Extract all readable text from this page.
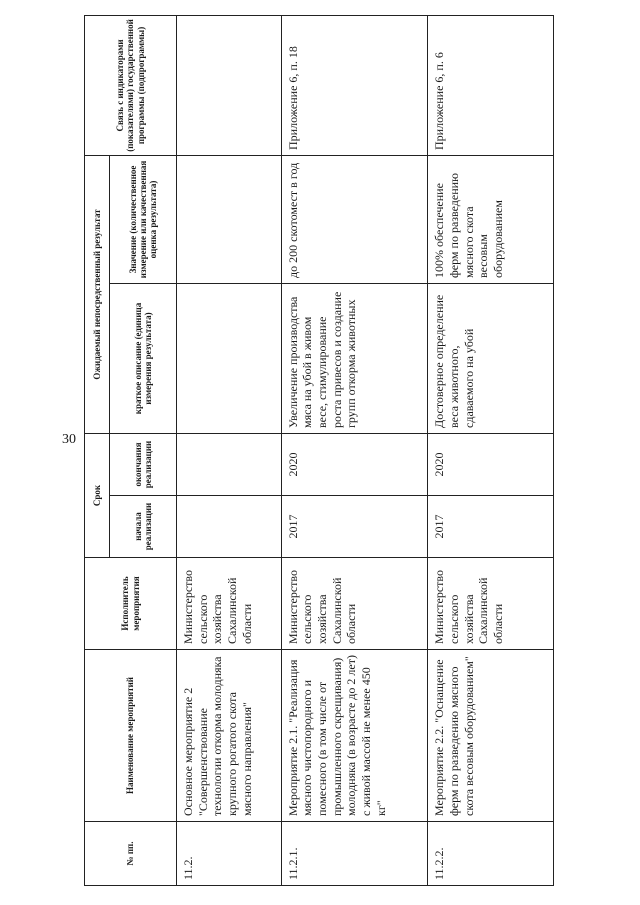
30
№ пп.	Наименование мероприятий	Исполнитель мероприятия	Срок		Ожидаемый непосредственный результат		Связь с индикаторами (показателями) государственной программы (подпрограммы)
			начала реализации	окончания реализации	краткое описание (единица измерения результата)	Значение (количественное измерение или качественная оценка результата)	
11.2.	Основное мероприятие 2 "Совершенствование технологии откорма молодняка крупного рогатого скота мясного направления"	Министерство сельского хозяйства Сахалинской области					
11.2.1.	Мероприятие 2.1. "Реализация мясного чистопородного и помесного (в том числе от промышленного скрещивания) молодняка (в возрасте до 2 лет) с живой массой не менее 450 кг"	Министерство сельского хозяйства Сахалинской области	2017	2020	Увеличение производства мяса на убой в живом весе, стимулирование роста привесов и создание групп откорма животных	до 200 скотомест в год	Приложение 6, п. 18
11.2.2.	Мероприятие 2.2. "Оснащение ферм по разведению мясного скота весовым оборудованием"	Министерство сельского хозяйства Сахалинской области	2017	2020	Достоверное определение веса животного, сдаваемого на убой	100% обеспечение ферм по разведению мясного скота весовым оборудованием	Приложение 6, п. 6
